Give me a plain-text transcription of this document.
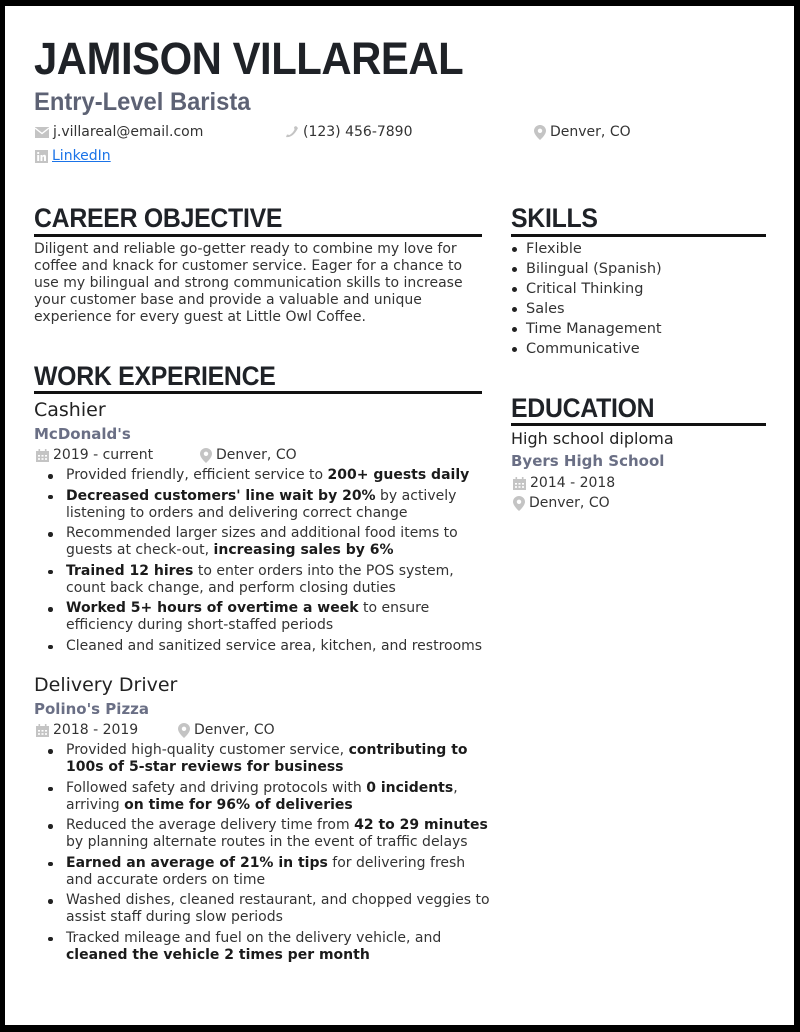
JAMISON VILLAREAL
Entry-Level Barista
j.villareal@email.com	(123) 456-7890	Denver, CO
LinkedIn
CAREER OBJECTIVE
Diligent and reliable go-getter ready to combine my love for coffee and knack for customer service. Eager for a chance to use my bilingual and strong communication skills to increase your customer base and provide a valuable and unique experience for every guest at Little Owl Coffee.
SKILLS
Flexible
Bilingual (Spanish)
Critical Thinking
Sales
Time Management
Communicative
EDUCATION
High school diploma
Byers High School
2014 - 2018
Denver, CO
WORK EXPERIENCE
Cashier
McDonald's
2019 - current	Denver, CO
Provided friendly, efficient service to 200+ guests daily
Decreased customers' line wait by 20% by actively listening to orders and delivering correct change
Recommended larger sizes and additional food items to guests at check-out, increasing sales by 6%
Trained 12 hires to enter orders into the POS system, count back change, and perform closing duties
Worked 5+ hours of overtime a week to ensure efficiency during short-staffed periods
Cleaned and sanitized service area, kitchen, and restrooms
Delivery Driver
Polino's Pizza
2018 - 2019	Denver, CO
Provided high-quality customer service, contributing to 100s of 5-star reviews for business
Followed safety and driving protocols with 0 incidents, arriving on time for 96% of deliveries
Reduced the average delivery time from 42 to 29 minutes by planning alternate routes in the event of traffic delays
Earned an average of 21% in tips for delivering fresh and accurate orders on time
Washed dishes, cleaned restaurant, and chopped veggies to assist staff during slow periods
Tracked mileage and fuel on the delivery vehicle, and cleaned the vehicle 2 times per month
